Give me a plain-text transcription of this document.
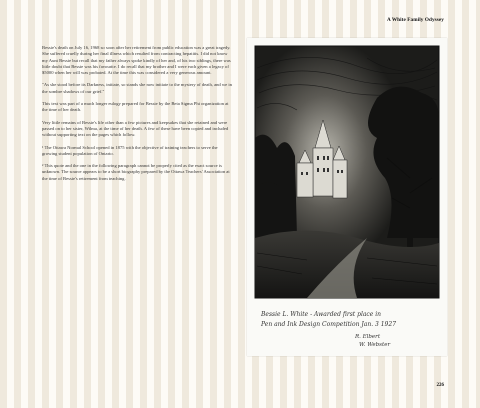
A White Family Odyssey

Bessie's death on July 16, 1968 so soon after her retirement from public education was a great tragedy. She suffered cruelly during her final illness which resulted from contracting hepatitis. I did not know my Aunt Bessie but recall that my father always spoke kindly of her and, of his two siblings, there was little doubt that Bessie was his favourite. I do recall that my brother and I were each given a legacy of $5000 when her will was probated. At the time this was considered a very generous amount.

"As she stood before its Darkness, initiate, so stands she now initiate to the mystery of death, and we in the sombre shadows of our grief."

This text was part of a much longer eulogy prepared for Bessie by the Beta Sigma Phi organization at the time of her death.

Very little remains of Bessie's life other than a few pictures and keepsakes that she retained and were passed on to her sister, Wilma, at the time of her death. A few of these have been copied and included without supporting text on the pages which follow.

¹ The Ottawa Normal School opened in 1875 with the objective of training teachers to serve the growing student population of Ontario.

² This quote and the one in the following paragraph cannot be properly cited as the exact source is unknown. The source appears to be a short biography prepared by the Ottawa Teachers' Association at the time of Bessie's retirement from teaching.

Bessie L. White - Awarded first place in
Pen and Ink Design Competition Jan. 3 1927
R. Elbert
W. Webster
226
